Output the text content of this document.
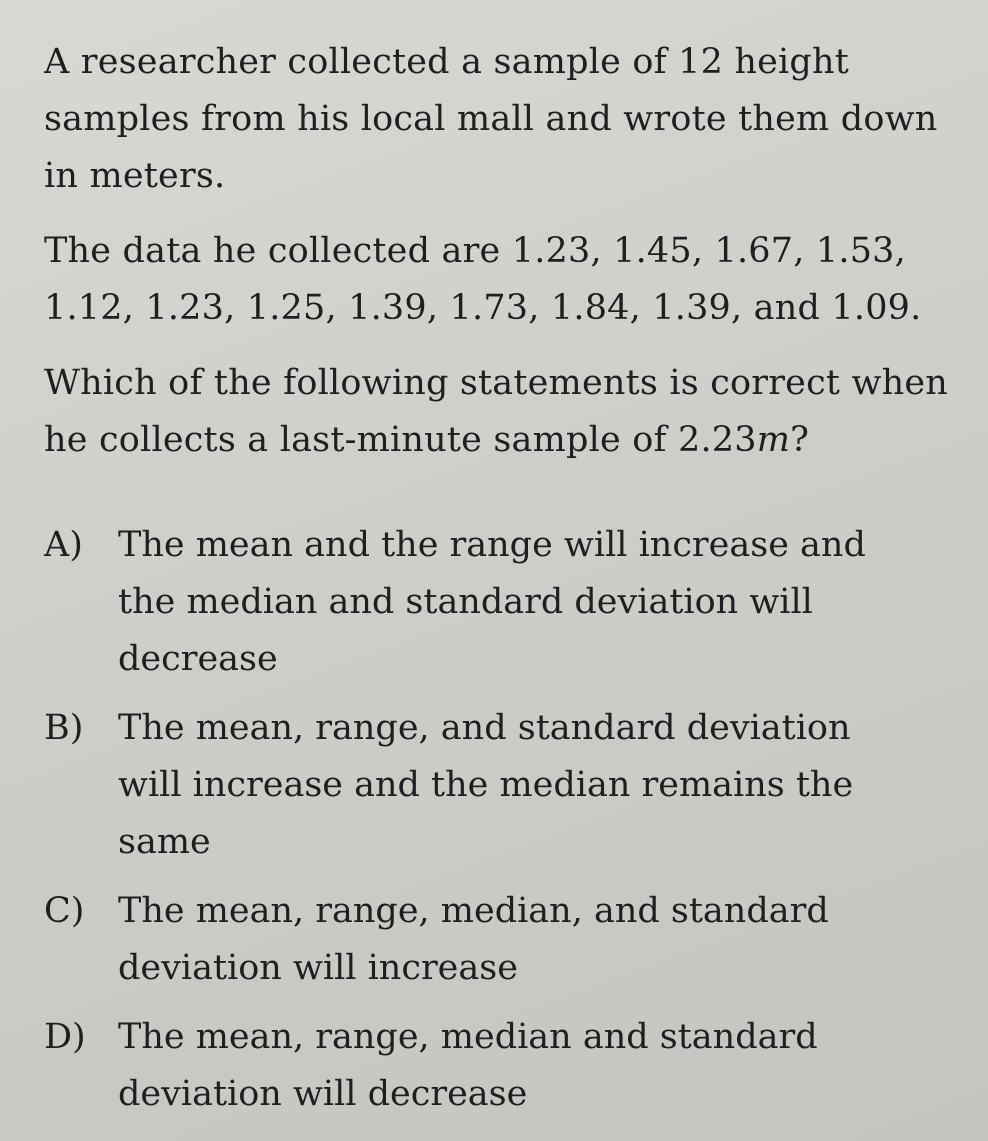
A researcher collected a sample of 12 height samples from his local mall and wrote them down in meters.

The data he collected are 1.23, 1.45, 1.67, 1.53, 1.12, 1.23, 1.25, 1.39, 1.73, 1.84, 1.39, and 1.09.

Which of the following statements is correct when he collects a last-minute sample of 2.23m?

A)	The mean and the range will increase and the median and standard deviation will decrease
B) The mean, range, and standard deviation will increase and the median remains the same
C) The mean, range, median, and standard deviation will increase
D) The mean, range, median and standard deviation will decrease
